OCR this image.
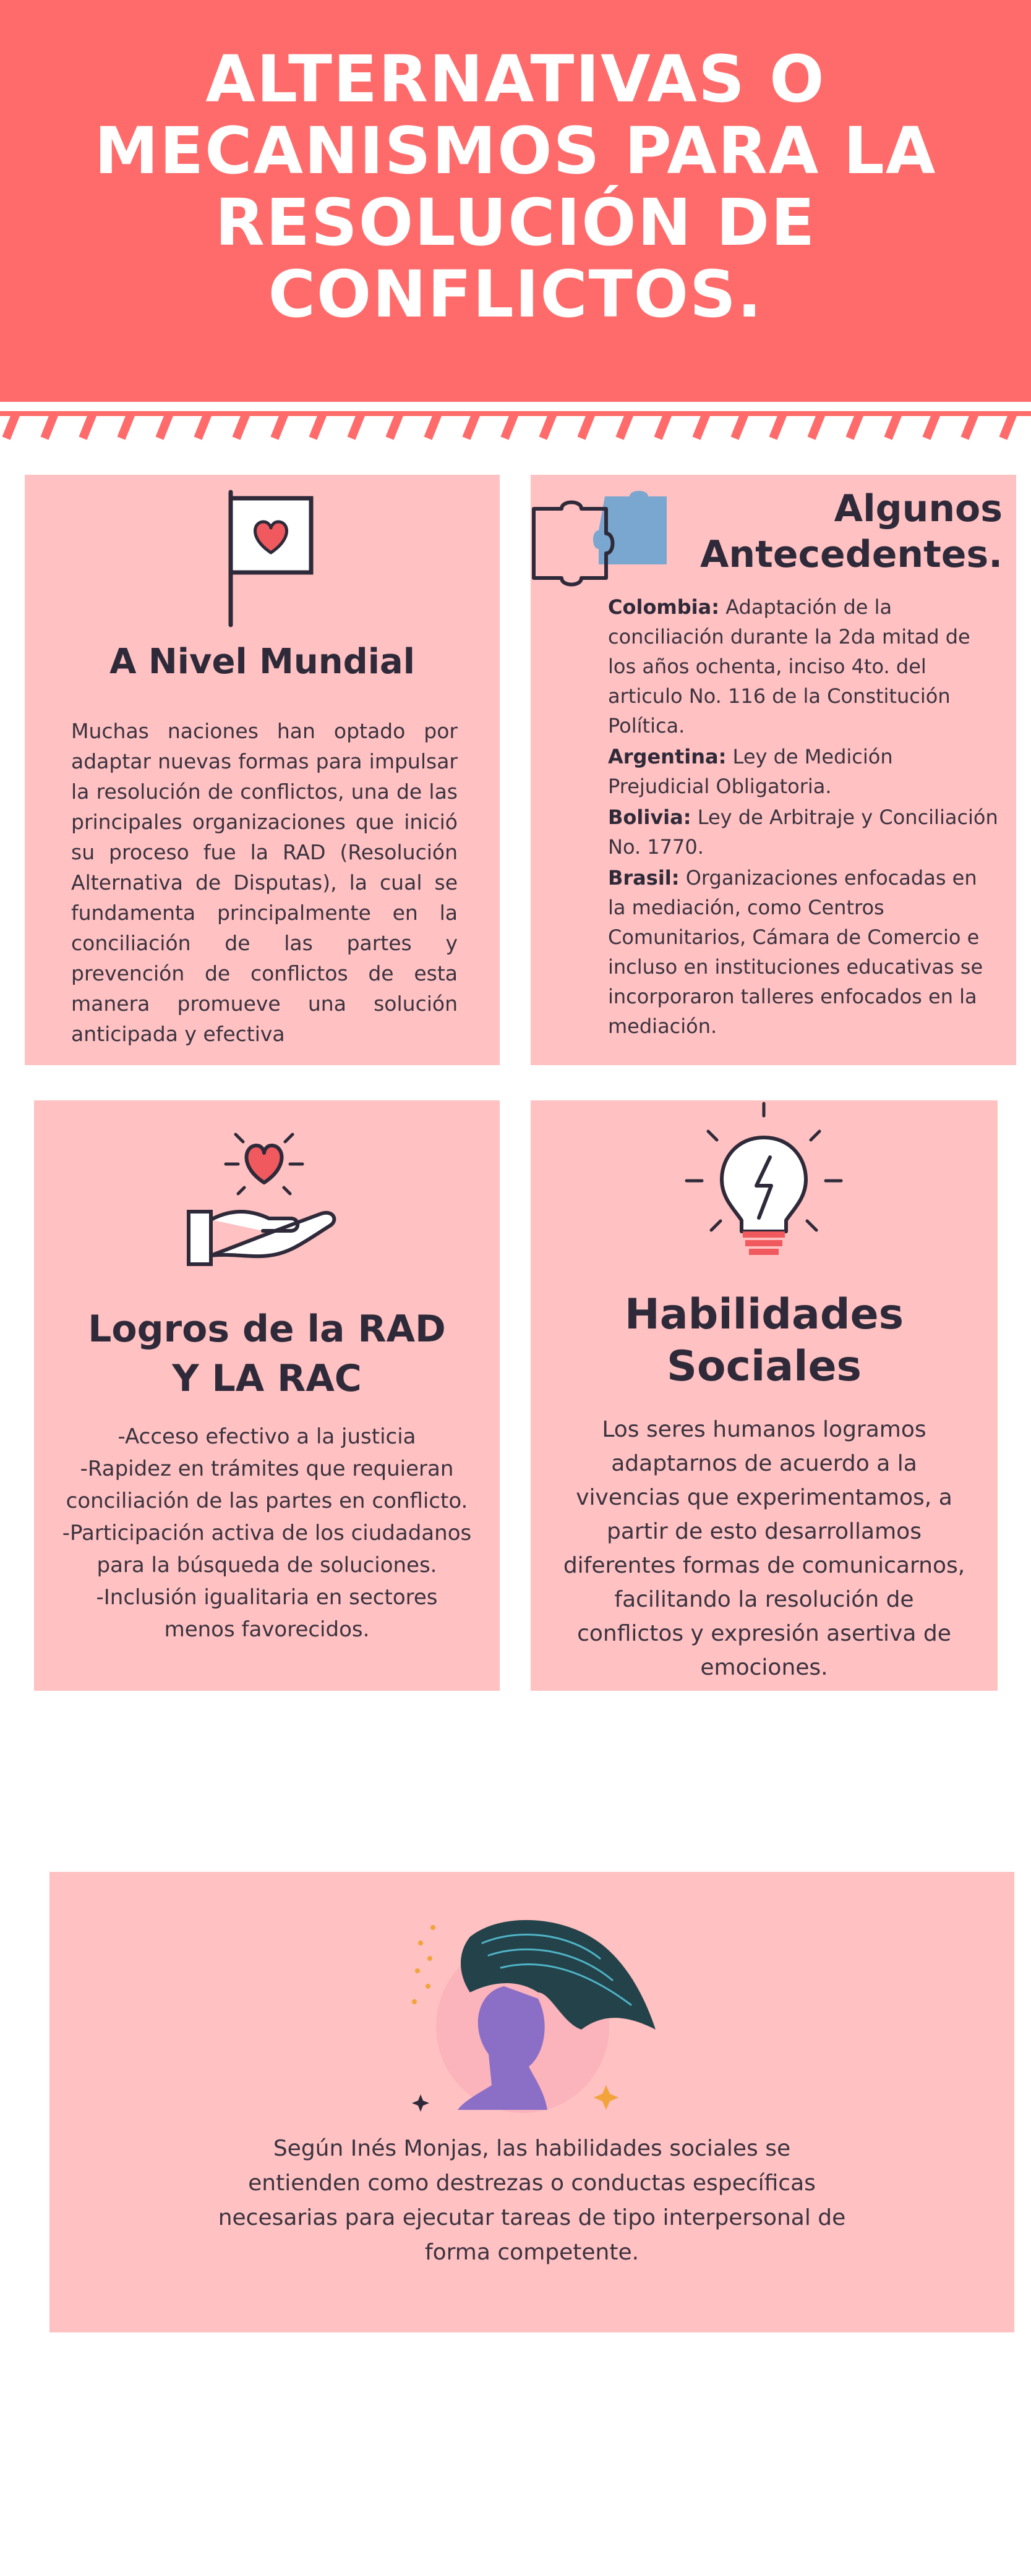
ALTERNATIVAS O MECANISMOS PARA LA RESOLUCIÓN DE CONFLICTOS.
A Nivel Mundial

Muchas naciones han optado por adaptar nuevas formas para impulsar la resolución de conflictos, una de las principales organizaciones que inició su proceso fue la RAD (Resolución Alternativa de Disputas), la cual se fundamenta principalmente en la conciliación de las partes y prevención de conflictos de esta manera promueve una solución anticipada y efectiva

Algunos
Antecedentes.

Colombia: Adaptación de la conciliación durante la 2da mitad de los años ochenta, inciso 4to. del articulo No. 116 de la Constitución Política.

Argentina: Ley de Medición Prejudicial Obligatoria.

Bolivia: Ley de Arbitraje y Conciliación No. 1770.

Brasil: Organizaciones enfocadas en la mediación, como Centros Comunitarios, Cámara de Comercio e incluso en instituciones educativas se incorporaron talleres enfocados en la mediación.

Logros de la RAD
Y LA RAC
-Acceso efectivo a la justicia
-Rapidez en trámites que requieran conciliación de las partes en conflicto.
-Participación activa de los ciudadanos para la búsqueda de soluciones.
-Inclusión igualitaria en sectores menos favorecidos.
Habilidades
Sociales

Los seres humanos logramos adaptarnos de acuerdo a la vivencias que experimentamos, a partir de esto desarrollamos diferentes formas de comunicarnos, facilitando la resolución de conflictos y expresión asertiva de emociones.

Según Inés Monjas, las habilidades sociales se entienden como destrezas o conductas específicas necesarias para ejecutar tareas de tipo interpersonal de forma competente.
